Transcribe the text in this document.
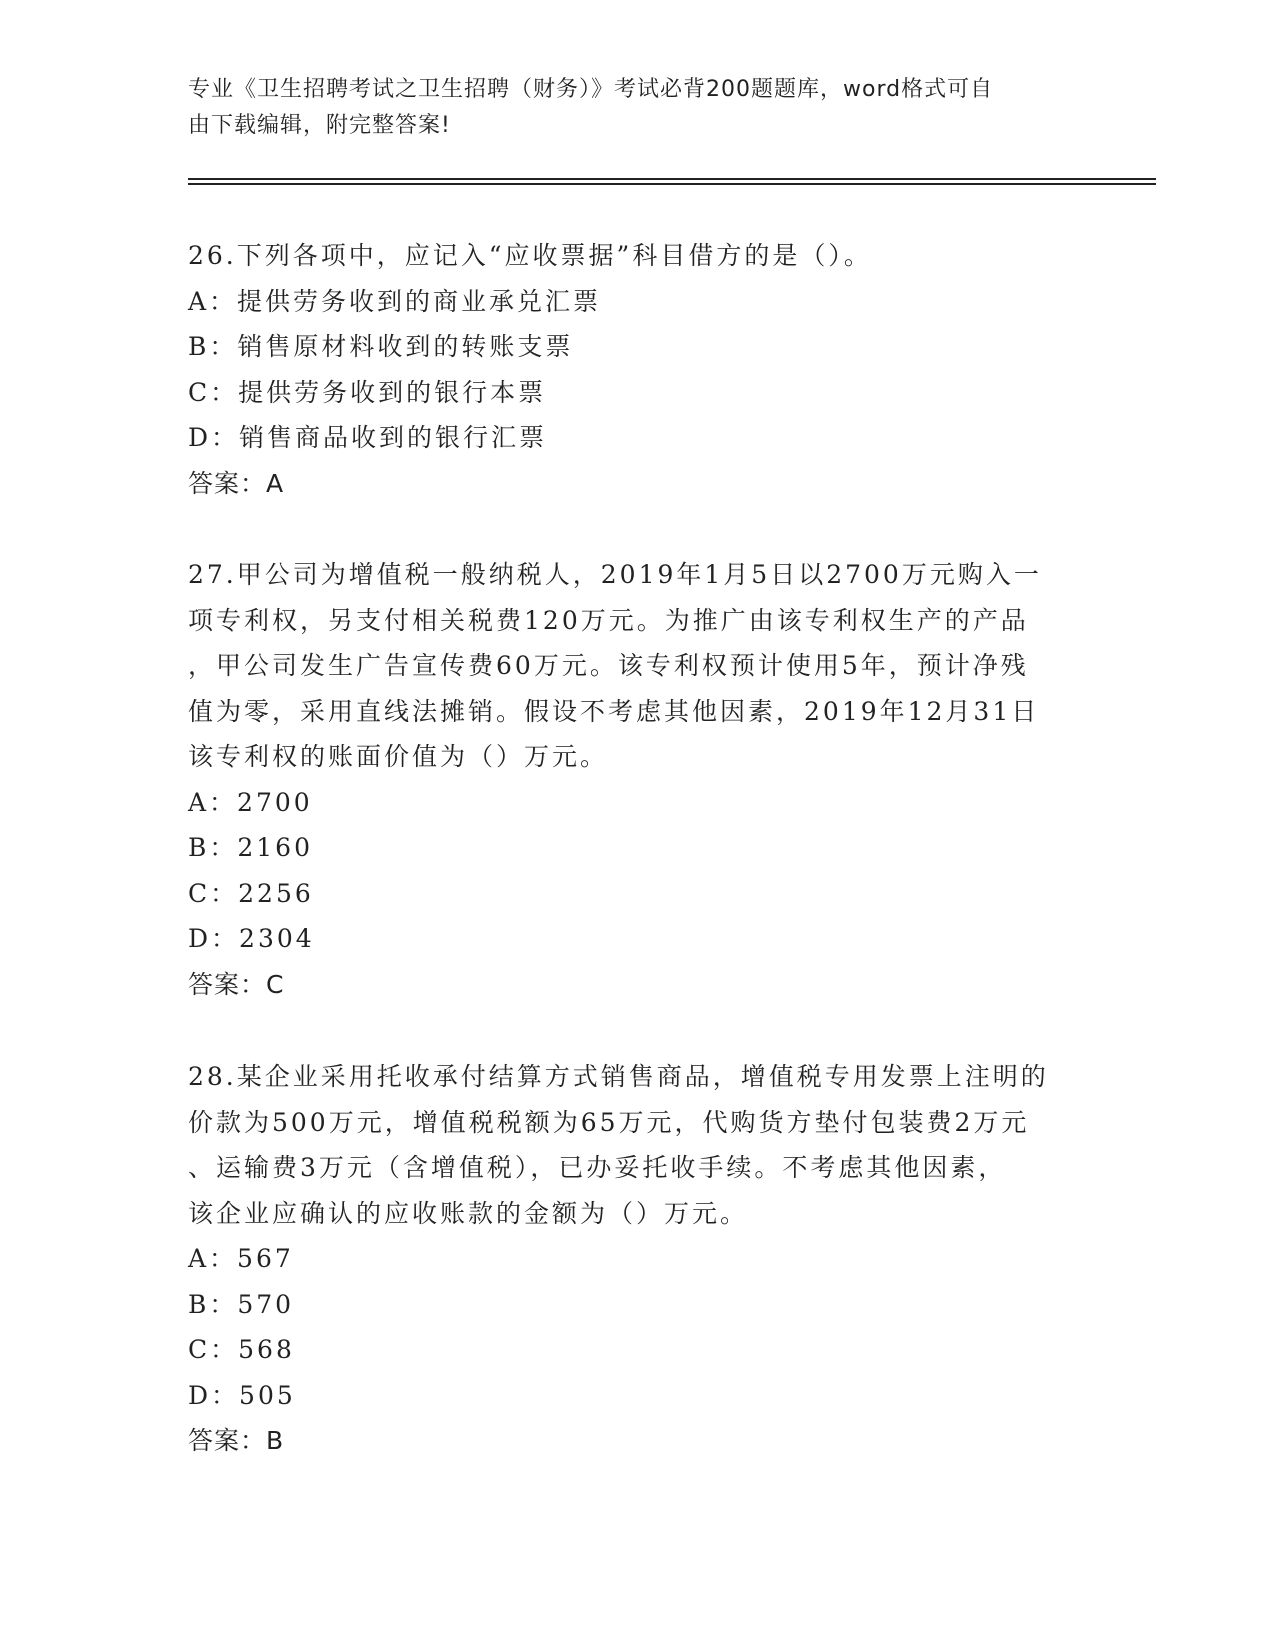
专业《卫生招聘考试之卫生招聘（财务）》考试必背200题题库，word格式可自
由下载编辑，附完整答案!

26.下列各项中，应记入“应收票据”科目借方的是（）。

A：提供劳务收到的商业承兑汇票

B：销售原材料收到的转账支票

C：提供劳务收到的银行本票

D：销售商品收到的银行汇票

答案：A

27.甲公司为增值税一般纳税人，2019年1月5日以2700万元购入一

项专利权，另支付相关税费120万元。为推广由该专利权生产的产品

，甲公司发生广告宣传费60万元。该专利权预计使用5年，预计净残

值为零，采用直线法摊销。假设不考虑其他因素，2019年12月31日

该专利权的账面价值为（）万元。

A：2700

B：2160

C：2256

D：2304

答案：C

28.某企业采用托收承付结算方式销售商品，增值税专用发票上注明的

价款为500万元，增值税税额为65万元，代购货方垫付包装费2万元

、运输费3万元（含增值税），已办妥托收手续。不考虑其他因素，

该企业应确认的应收账款的金额为（）万元。

A：567

B：570

C：568

D：505

答案：B
